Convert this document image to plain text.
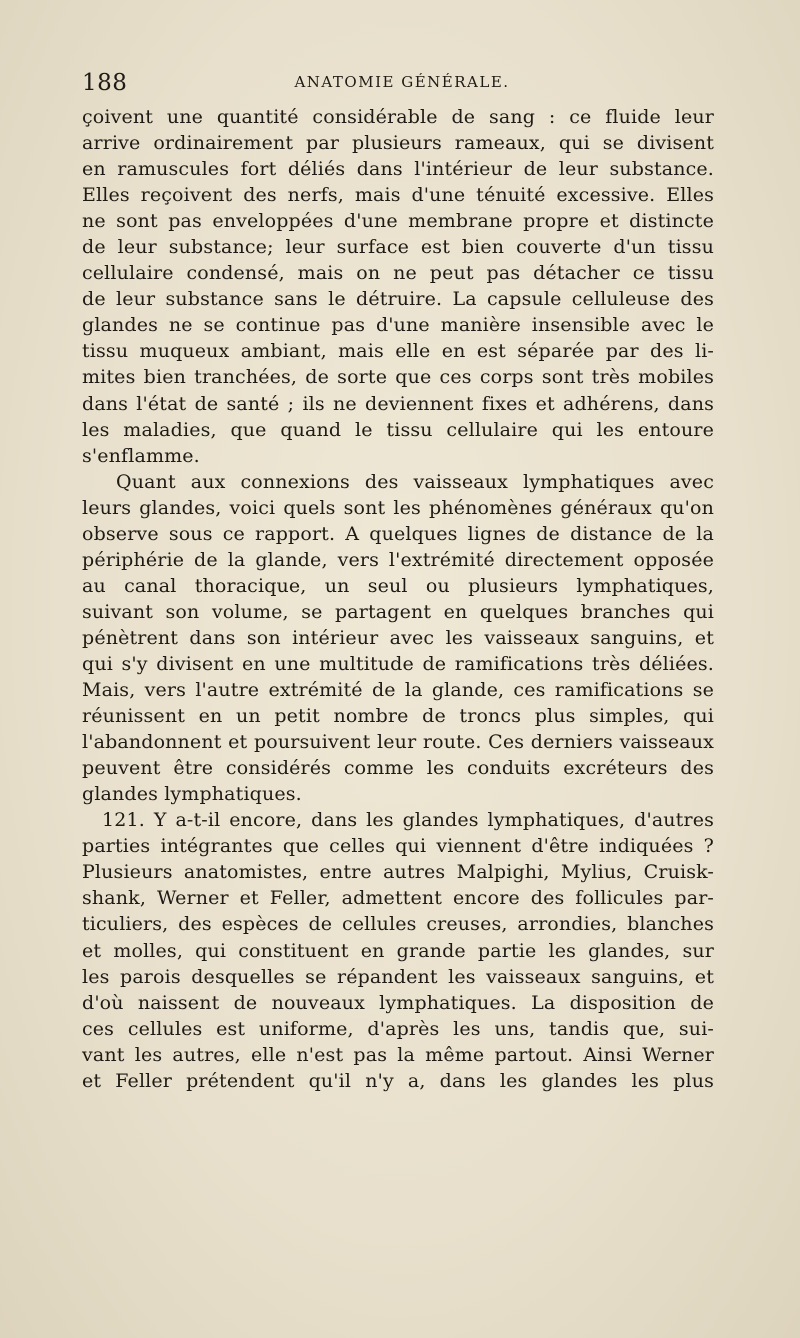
188	ANATOMIE GÉNÉRALE.
çoivent une quantité considérable de sang : ce fluide leur
arrive ordinairement par plusieurs rameaux, qui se divisent
en ramuscules fort déliés dans l'intérieur de leur substance.
Elles reçoivent des nerfs, mais d'une ténuité excessive. Elles
ne sont pas enveloppées d'une membrane propre et distincte
de leur substance; leur surface est bien couverte d'un tissu
cellulaire condensé, mais on ne peut pas détacher ce tissu
de leur substance sans le détruire. La capsule celluleuse des
glandes ne se continue pas d'une manière insensible avec le
tissu muqueux ambiant, mais elle en est séparée par des li-
mites bien tranchées, de sorte que ces corps sont très mobiles
dans l'état de santé ; ils ne deviennent fixes et adhérens, dans
les maladies, que quand le tissu cellulaire qui les entoure
s'enflamme.
Quant aux connexions des vaisseaux lymphatiques avec
leurs glandes, voici quels sont les phénomènes généraux qu'on
observe sous ce rapport. A quelques lignes de distance de la
périphérie de la glande, vers l'extrémité directement opposée
au canal thoracique, un seul ou plusieurs lymphatiques,
suivant son volume, se partagent en quelques branches qui
pénètrent dans son intérieur avec les vaisseaux sanguins, et
qui s'y divisent en une multitude de ramifications très déliées.
Mais, vers l'autre extrémité de la glande, ces ramifications se
réunissent en un petit nombre de troncs plus simples, qui
l'abandonnent et poursuivent leur route. Ces derniers vaisseaux
peuvent être considérés comme les conduits excréteurs des
glandes lymphatiques.
121. Y a-t-il encore, dans les glandes lymphatiques, d'autres
parties intégrantes que celles qui viennent d'être indiquées ?
Plusieurs anatomistes, entre autres Malpighi, Mylius, Cruisk-
shank, Werner et Feller, admettent encore des follicules par-
ticuliers, des espèces de cellules creuses, arrondies, blanches
et molles, qui constituent en grande partie les glandes, sur
les parois desquelles se répandent les vaisseaux sanguins, et
d'où naissent de nouveaux lymphatiques. La disposition de
ces cellules est uniforme, d'après les uns, tandis que, sui-
vant les autres, elle n'est pas la même partout. Ainsi Werner
et Feller prétendent qu'il n'y a, dans les glandes les plus
